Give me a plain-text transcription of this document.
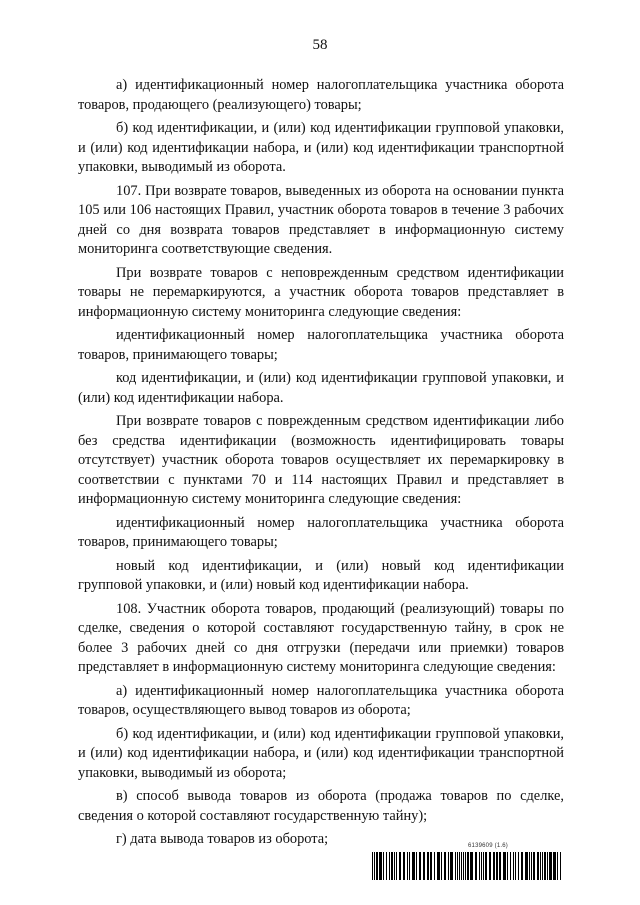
58

а) идентификационный номер налогоплательщика участника оборота товаров, продающего (реализующего) товары;

б) код идентификации, и (или) код идентификации групповой упаковки, и (или) код идентификации набора, и (или) код идентификации транспортной упаковки, выводимый из оборота.

107. При возврате товаров, выведенных из оборота на основании пункта 105 или 106 настоящих Правил, участник оборота товаров в течение 3 рабочих дней со дня возврата товаров представляет в информационную систему мониторинга соответствующие сведения.

При возврате товаров с неповрежденным средством идентификации товары не перемаркируются, а участник оборота товаров представляет в информационную систему мониторинга следующие сведения:

идентификационный номер налогоплательщика участника оборота товаров, принимающего товары;

код идентификации, и (или) код идентификации групповой упаковки, и (или) код идентификации набора.

При возврате товаров с поврежденным средством идентификации либо без средства идентификации (возможность идентифицировать товары отсутствует) участник оборота товаров осуществляет их перемаркировку в соответствии с пунктами 70 и 114 настоящих Правил и представляет в информационную систему мониторинга следующие сведения:

идентификационный номер налогоплательщика участника оборота товаров, принимающего товары;

новый код идентификации, и (или) новый код идентификации групповой упаковки, и (или) новый код идентификации набора.

108. Участник оборота товаров, продающий (реализующий) товары по сделке, сведения о которой составляют государственную тайну, в срок не более 3 рабочих дней со дня отгрузки (передачи или приемки) товаров представляет в информационную систему мониторинга следующие сведения:

а) идентификационный номер налогоплательщика участника оборота товаров, осуществляющего вывод товаров из оборота;

б) код идентификации, и (или) код идентификации групповой упаковки, и (или) код идентификации набора, и (или) код идентификации транспортной упаковки, выводимый из оборота;

в) способ вывода товаров из оборота (продажа товаров по сделке, сведения о которой составляют государственную тайну);

г) дата вывода товаров из оборота;	6139609 (1.6)
